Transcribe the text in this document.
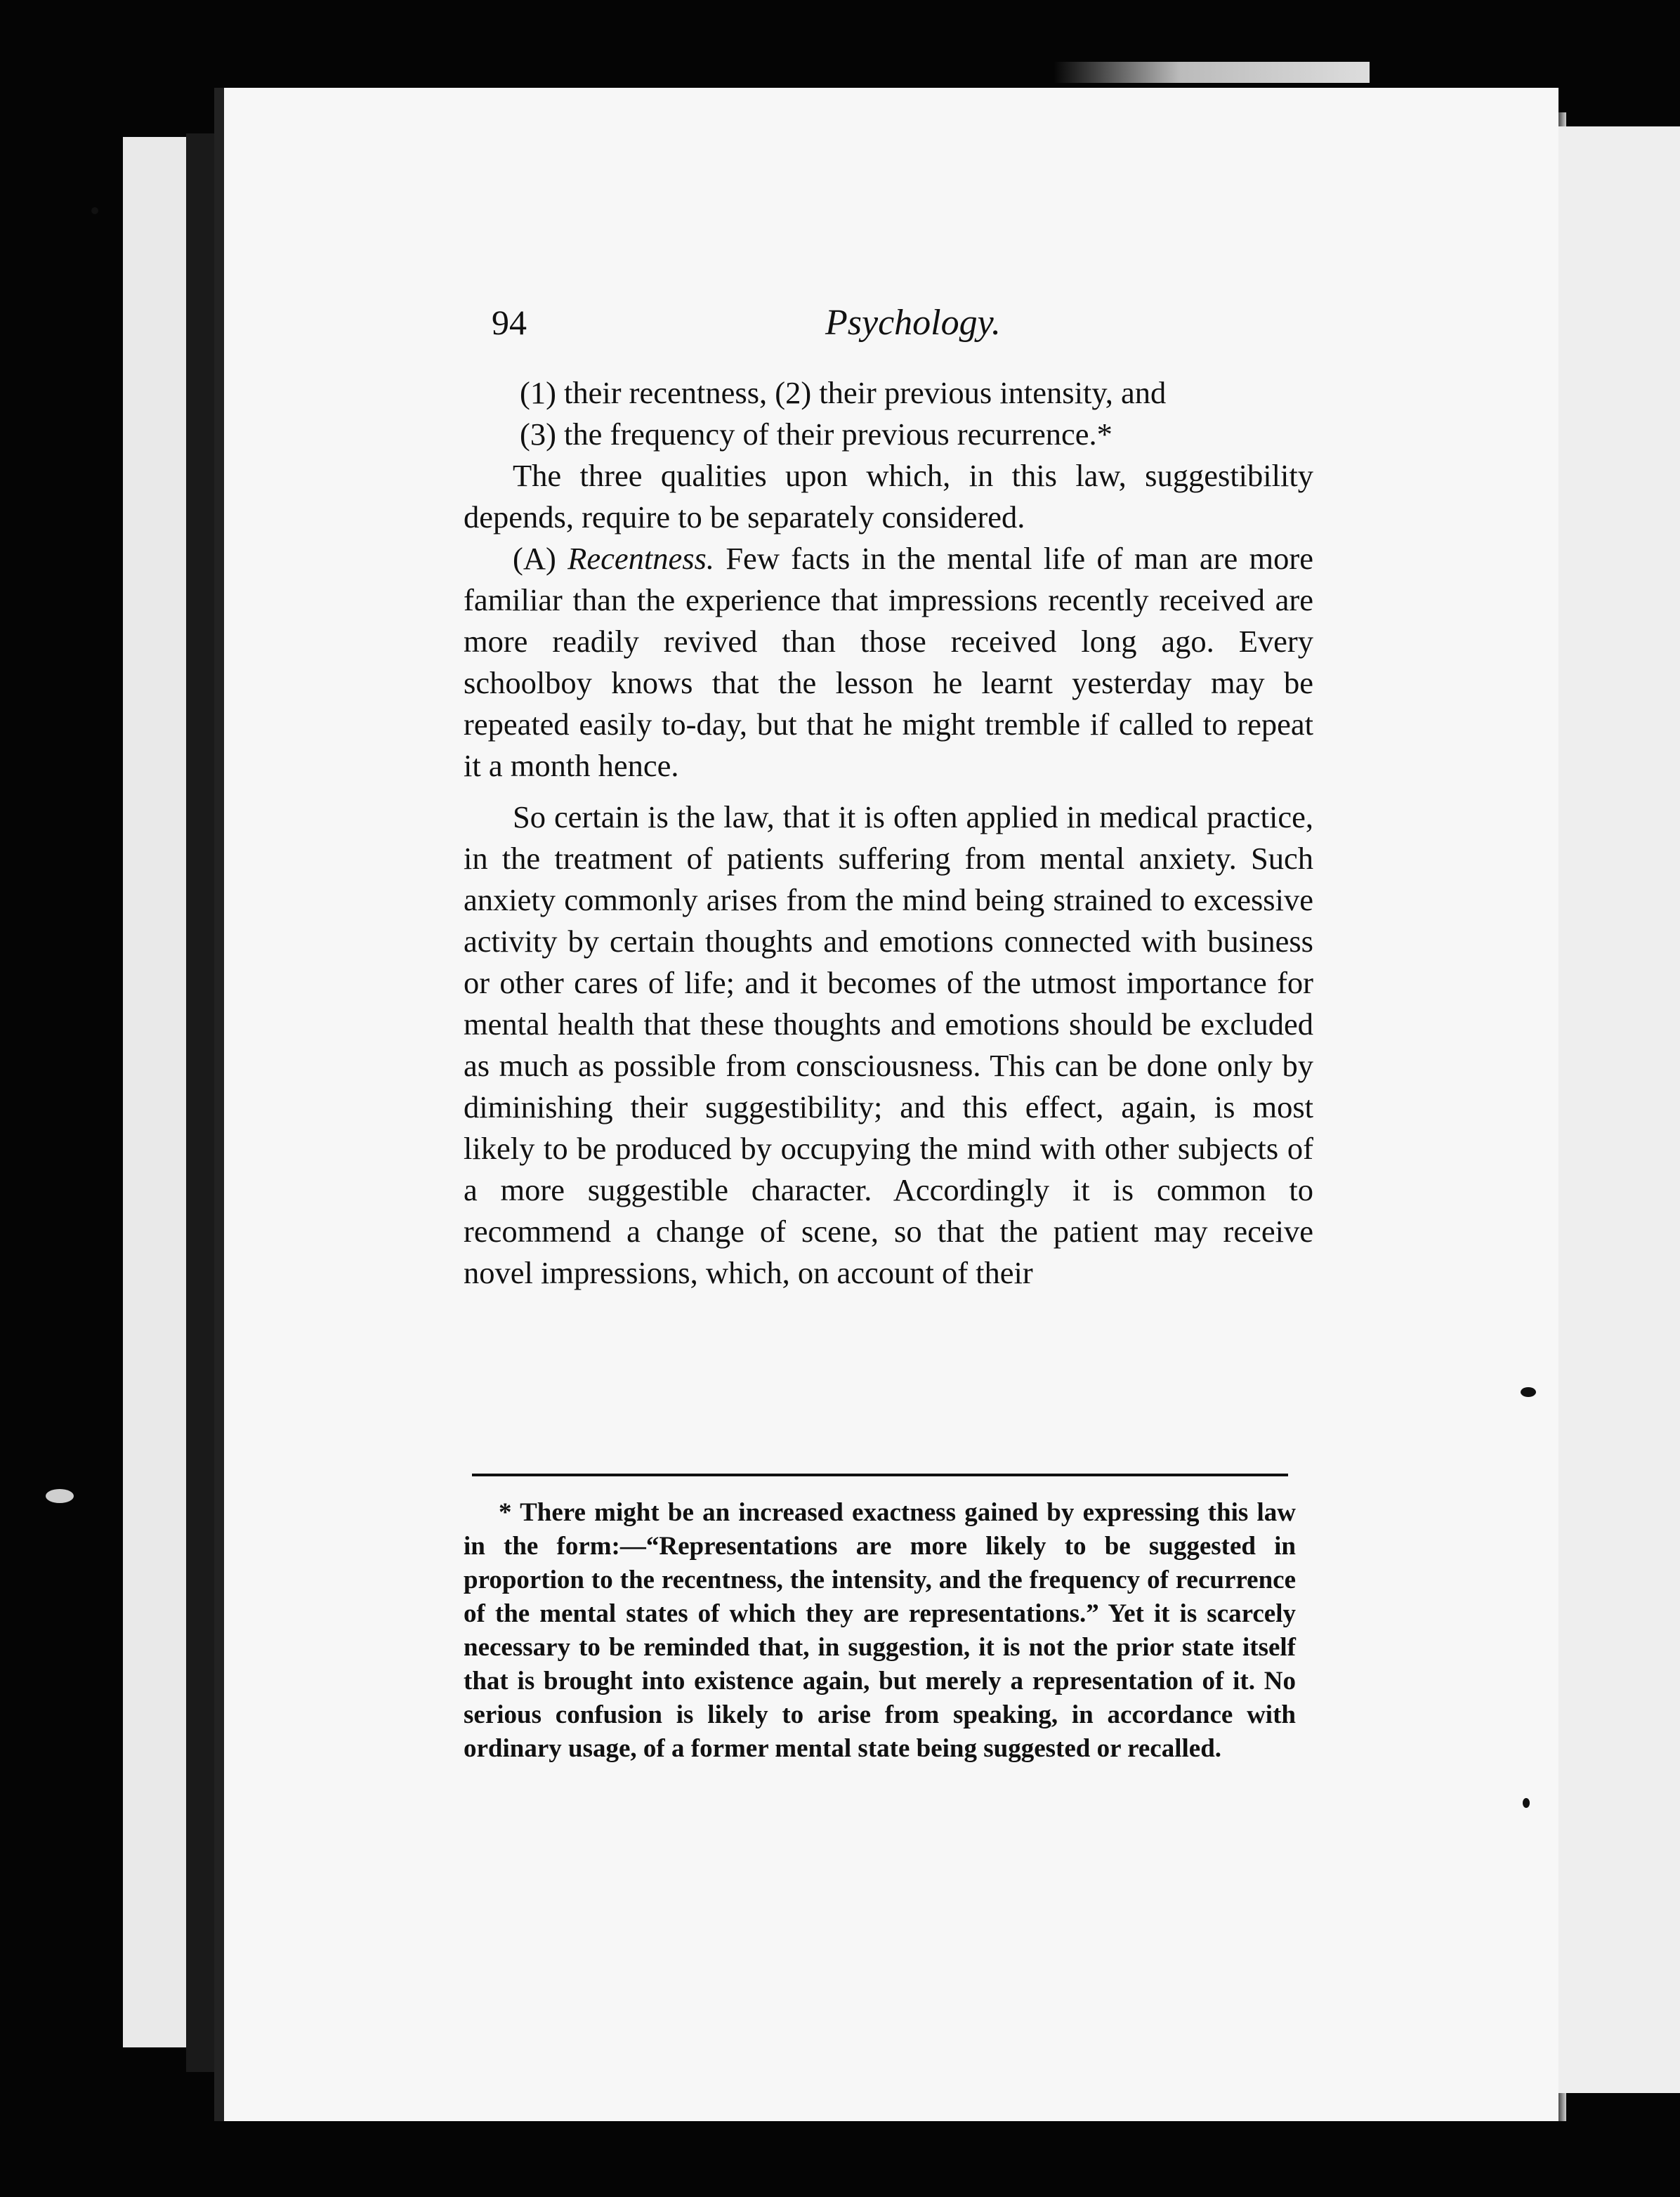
94	Psychology.

(1) their recentness, (2) their previous intensity, and

(3) the frequency of their previous recurrence.*

The three qualities upon which, in this law, suggestibility depends, require to be separately considered.

(A) Recentness. Few facts in the mental life of man are more familiar than the experience that impressions recently received are more readily revived than those received long ago. Every schoolboy knows that the lesson he learnt yesterday may be repeated easily to-day, but that he might tremble if called to repeat it a month hence.

So certain is the law, that it is often applied in medical practice, in the treatment of patients suffering from mental anxiety. Such anxiety commonly arises from the mind being strained to excessive activity by certain thoughts and emotions connected with business or other cares of life; and it becomes of the utmost importance for mental health that these thoughts and emotions should be excluded as much as possible from consciousness. This can be done only by diminishing their suggestibility; and this effect, again, is most likely to be produced by occupying the mind with other subjects of a more suggestible character. Accordingly it is common to recommend a change of scene, so that the patient may receive novel impressions, which, on account of their

* There might be an increased exactness gained by expressing this law in the form:—“Representations are more likely to be suggested in proportion to the recentness, the intensity, and the frequency of recurrence of the mental states of which they are representations.” Yet it is scarcely necessary to be reminded that, in suggestion, it is not the prior state itself that is brought into existence again, but merely a representation of it. No serious confusion is likely to arise from speaking, in accordance with ordinary usage, of a former mental state being suggested or recalled.
